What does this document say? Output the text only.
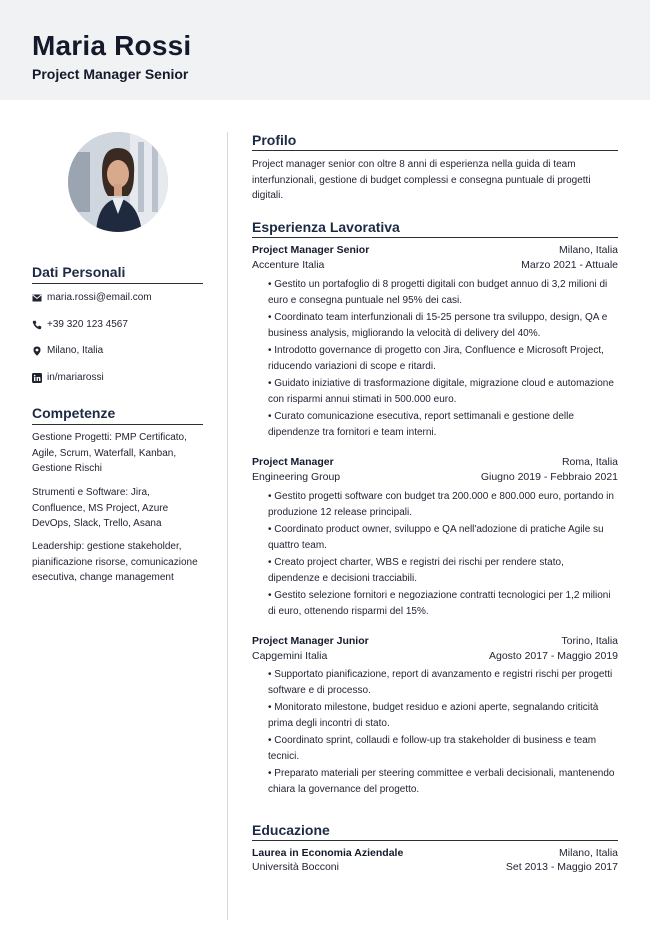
Maria Rossi
Project Manager Senior
Dati Personali
maria.rossi@email.com
+39 320 123 4567
Milano, Italia
in/mariarossi
Competenze
Gestione Progetti: PMP Certificato, Agile, Scrum, Waterfall, Kanban, Gestione Rischi
Strumenti e Software: Jira, Confluence, MS Project, Azure DevOps, Slack, Trello, Asana
Leadership: gestione stakeholder, pianificazione risorse, comunicazione esecutiva, change management
Profilo
Project manager senior con oltre 8 anni di esperienza nella guida di team interfunzionali, gestione di budget complessi e consegna puntuale di progetti digitali.
Esperienza Lavorativa
Project Manager Senior	Milano, Italia
Accenture Italia	Marzo 2021 - Attuale
• Gestito un portafoglio di 8 progetti digitali con budget annuo di 3,2 milioni di euro e consegna puntuale nel 95% dei casi.
• Coordinato team interfunzionali di 15-25 persone tra sviluppo, design, QA e business analysis, migliorando la velocità di delivery del 40%.
• Introdotto governance di progetto con Jira, Confluence e Microsoft Project, riducendo variazioni di scope e ritardi.
• Guidato iniziative di trasformazione digitale, migrazione cloud e automazione con risparmi annui stimati in 500.000 euro.
• Curato comunicazione esecutiva, report settimanali e gestione delle dipendenze tra fornitori e team interni.
Project Manager	Roma, Italia
Engineering Group	Giugno 2019 - Febbraio 2021
• Gestito progetti software con budget tra 200.000 e 800.000 euro, portando in produzione 12 release principali.
• Coordinato product owner, sviluppo e QA nell'adozione di pratiche Agile su quattro team.
• Creato project charter, WBS e registri dei rischi per rendere stato, dipendenze e decisioni tracciabili.
• Gestito selezione fornitori e negoziazione contratti tecnologici per 1,2 milioni di euro, ottenendo risparmi del 15%.
Project Manager Junior	Torino, Italia
Capgemini Italia	Agosto 2017 - Maggio 2019
• Supportato pianificazione, report di avanzamento e registri rischi per progetti software e di processo.
• Monitorato milestone, budget residuo e azioni aperte, segnalando criticità prima degli incontri di stato.
• Coordinato sprint, collaudi e follow-up tra stakeholder di business e team tecnici.
• Preparato materiali per steering committee e verbali decisionali, mantenendo chiara la governance del progetto.
Educazione
Laurea in Economia Aziendale	Milano, Italia
Università Bocconi	Set 2013 - Maggio 2017
